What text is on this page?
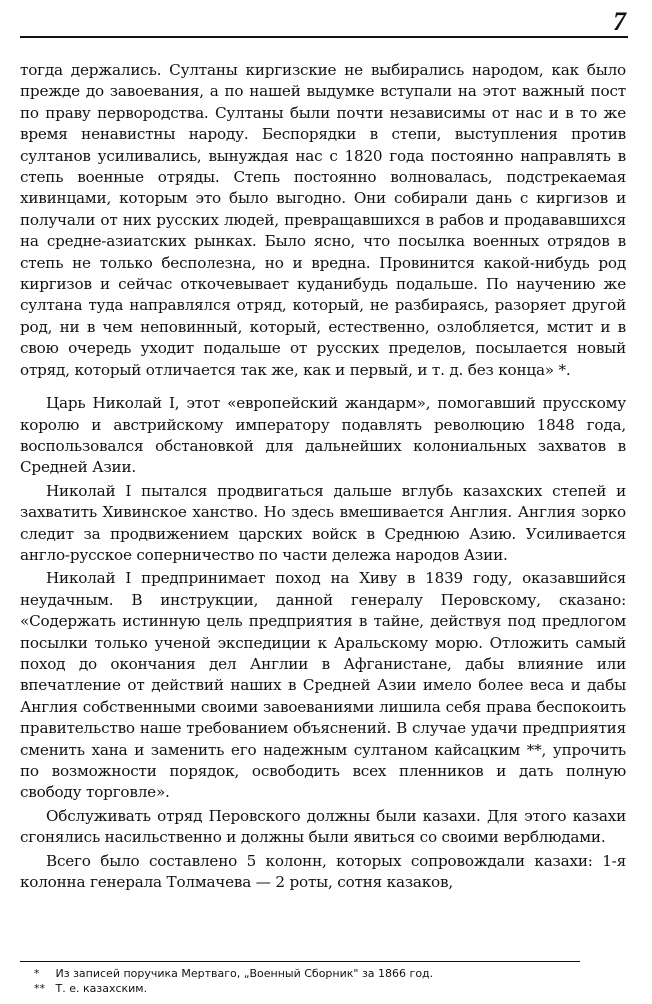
7

тогда держались. Султаны киргизские не выбирались народом, как было прежде до завоевания, а по нашей выдумке вступали на этот важный пост по праву первородства. Султаны были почти независимы от нас и в то же время ненавистны народу. Беспорядки в степи, выступления против султанов усиливались, вынуждая нас с 1820 года постоянно направлять в степь военные отряды. Степь постоянно волновалась, подстрекаемая хивинцами, которым это было выгодно. Они собирали дань с киргизов и получали от них русских людей, превращавшихся в рабов и продававшихся на средне-азиатских рынках. Было ясно, что посылка военных отрядов в степь не только бесполезна, но и вредна. Провинится какой-нибудь род киргизов и сейчас откочевывает куданибудь подальше. По научению же султана туда направлялся отряд, который, не разбираясь, разоряет другой род, ни в чем неповинный, который, естественно, озлобляется, мстит и в свою очередь уходит подальше от русских пределов, посылается новый отряд, который отличается так же, как и первый, и т. д. без конца» *.

Царь Николай I, этот «европейский жандарм», помогавший прусскому королю и австрийскому императору подавлять революцию 1848 года, воспользовался обстановкой для дальнейших колониальных захватов в Средней Азии.

Николай I пытался продвигаться дальше вглубь казахских степей и захватить Хивинское ханство. Но здесь вмешивается Англия. Англия зорко следит за продвижением царских войск в Среднюю Азию. Усиливается англо-русское соперничество по части дележа народов Азии.

Николай I предпринимает поход на Хиву в 1839 году, оказавшийся неудачным. В инструкции, данной генералу Перовскому, сказано: «Содержать истинную цель предприятия в тайне, действуя под предлогом посылки только ученой экспедиции к Аральскому морю. Отложить самый поход до окончания дел Англии в Афганистане, дабы влияние или впечатление от действий наших в Средней Азии имело более веса и дабы Англия собственными своими завоеваниями лишила себя права беспокоить правительство наше требованием объяснений. В случае удачи предприятия сменить хана и заменить его надежным султаном кайсацким **, упрочить по возможности порядок, освободить всех пленников и дать полную свободу торговле».

Обслуживать отряд Перовского должны были казахи. Для этого казахи сгонялись насильственно и должны были явиться со своими верблюдами.

Всего было составлено 5 колонн, которых сопровождали казахи: 1-я колонна генерала Толмачева — 2 роты, сотня казаков,

* Из записей поручика Мертваго, „Военный Сборник" за 1866 год.

** Т. е. казахским.
